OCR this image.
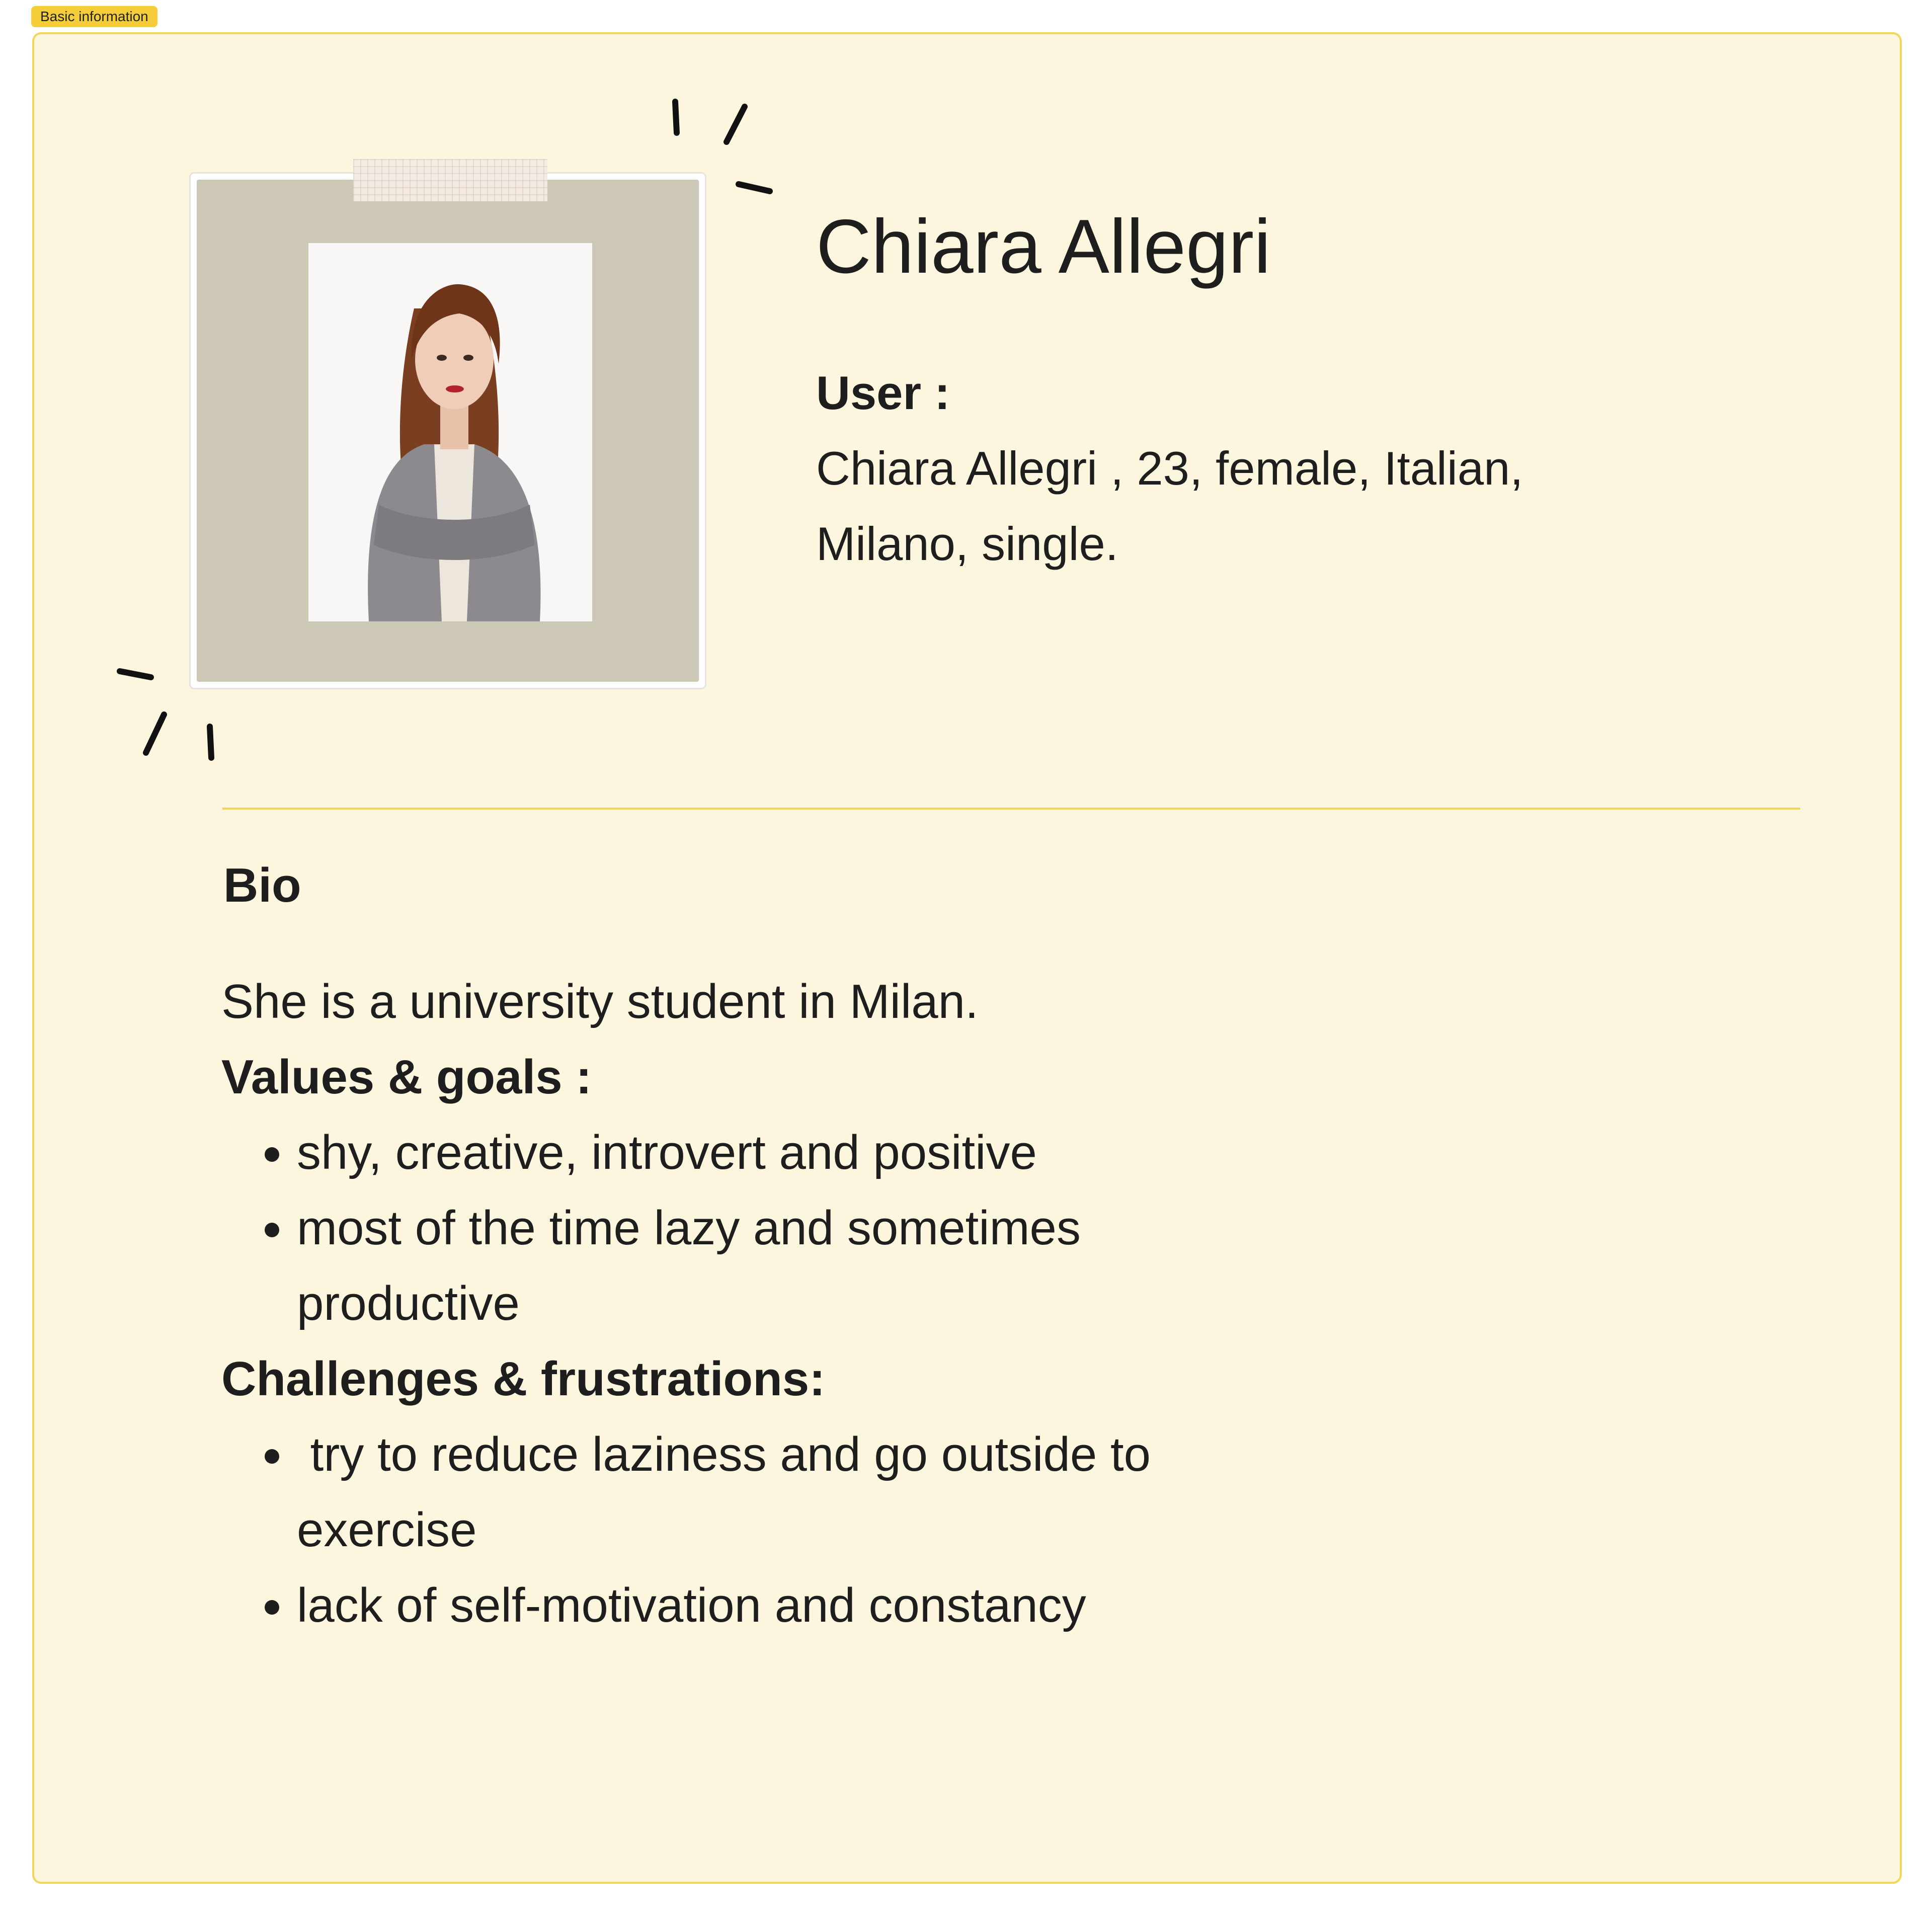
Basic information
Chiara Allegri
User :
Chiara Allegri , 23, female, Italian,
Milano, single.
Bio

She is a university student in Milan.

Values & goals :

• shy, creative, introvert and positive
• most of the time lazy and sometimes productive

Challenges & frustrations:

•  try to reduce laziness and go outside to exercise
• lack of self-motivation and constancy
